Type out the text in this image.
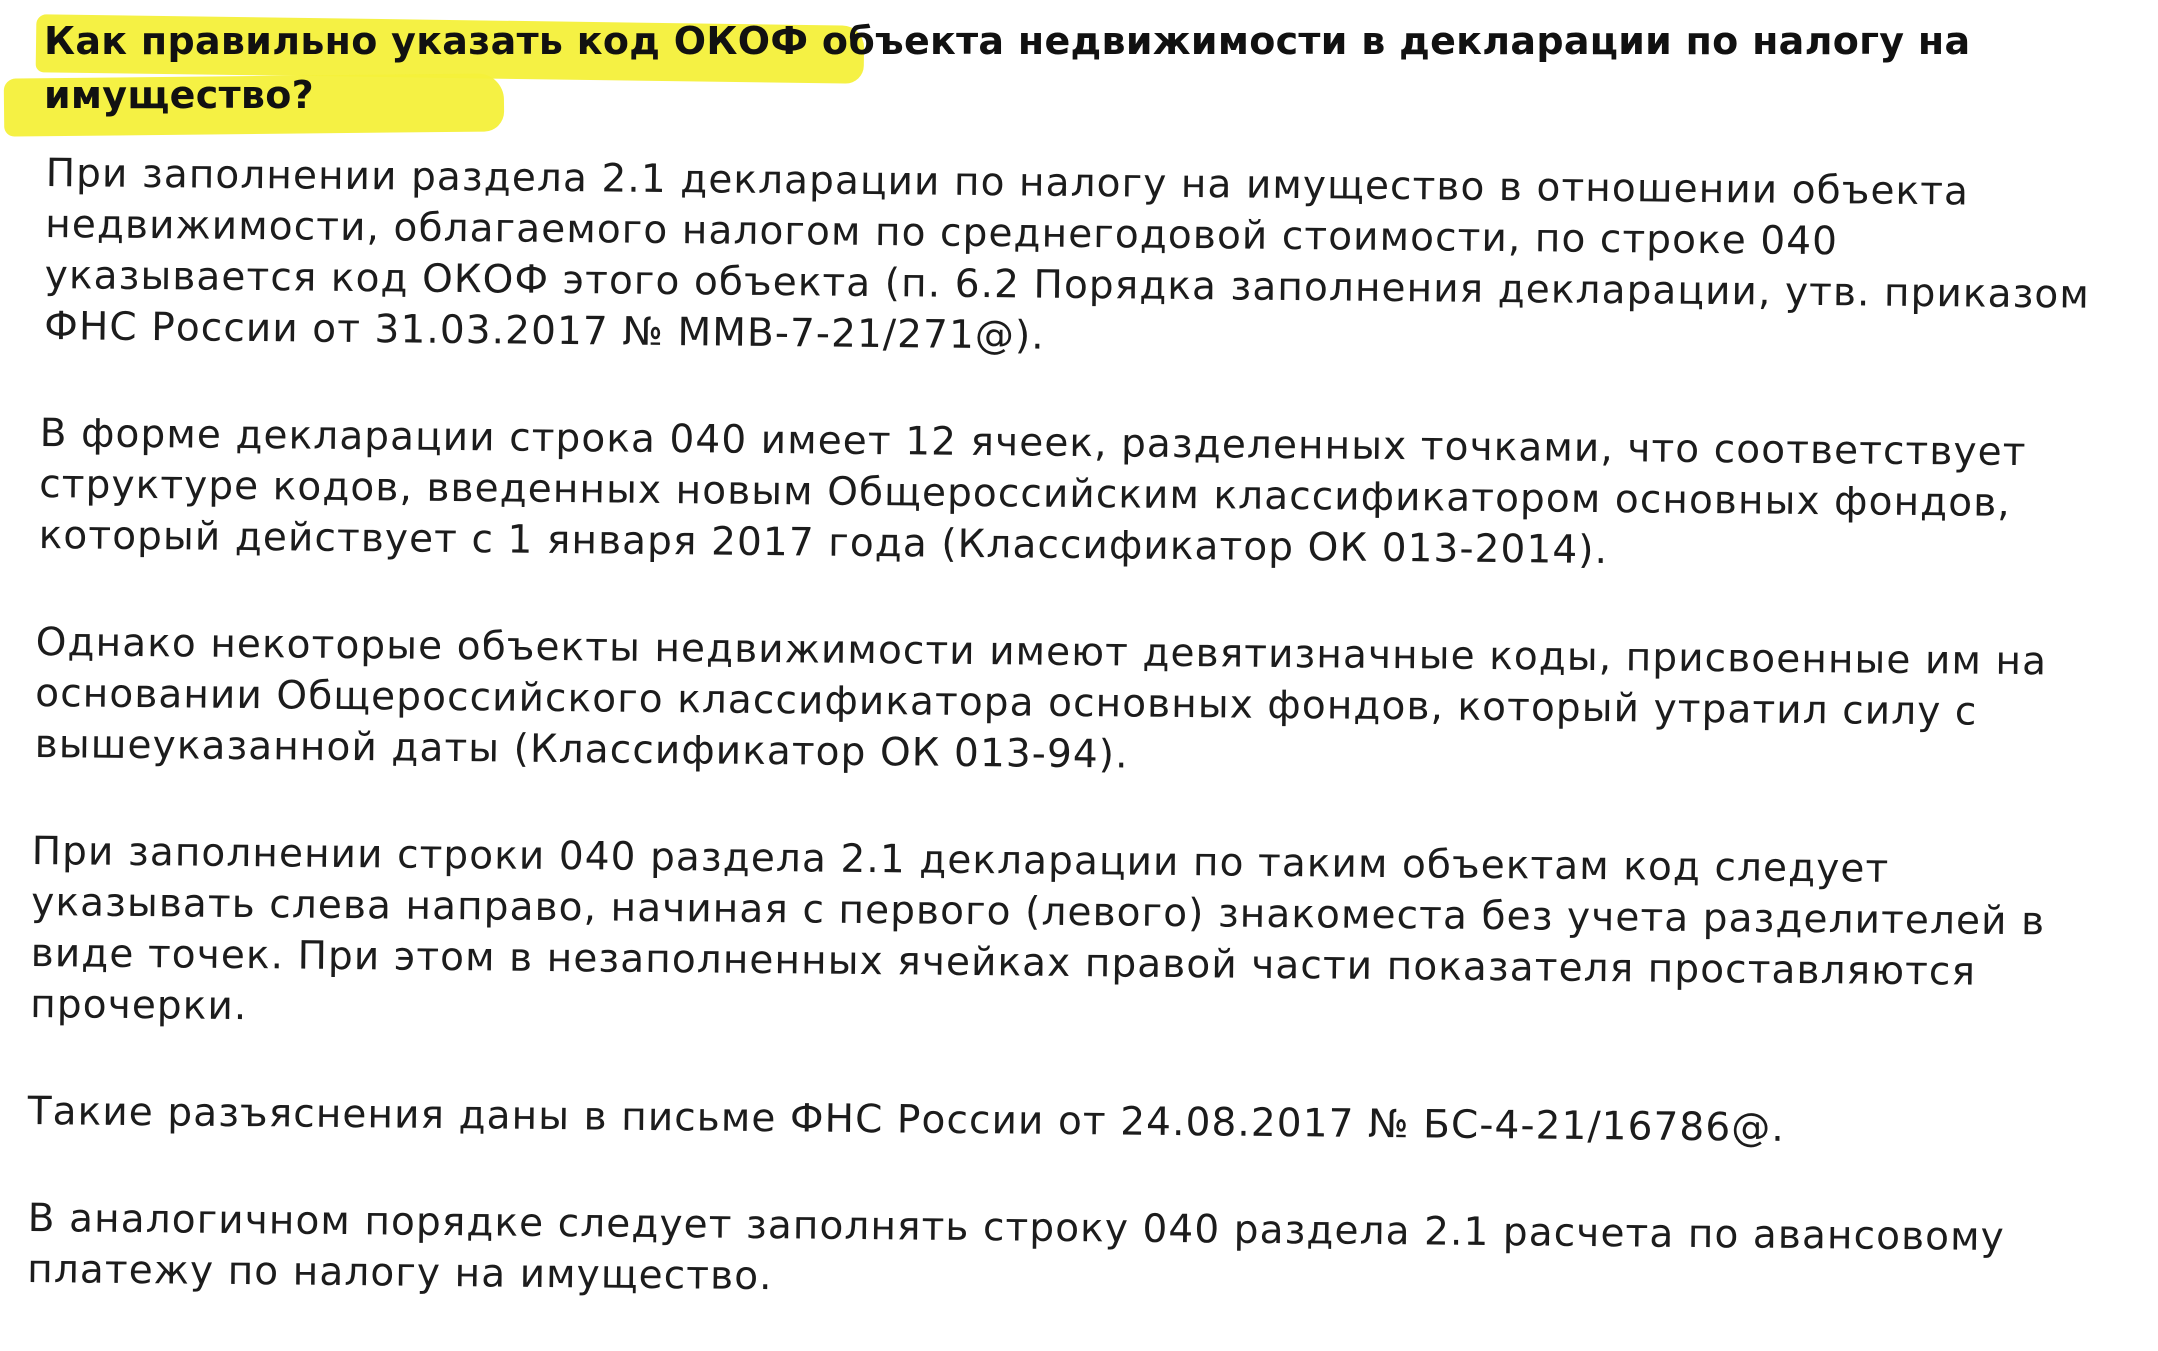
Как правильно указать код ОКОФ объекта недвижимости в декларации по налогу на имущество?

При заполнении раздела 2.1 декларации по налогу на имущество в отношении объекта недвижимости, облагаемого налогом по среднегодовой стоимости, по строке 040 указывается код ОКОФ этого объекта (п. 6.2 Порядка заполнения декларации, утв. приказом ФНС России от 31.03.2017 № ММВ-7-21/271@).

В форме декларации строка 040 имеет 12 ячеек, разделенных точками, что соответствует структуре кодов, введенных новым Общероссийским классификатором основных фондов, который действует с 1 января 2017 года (Классификатор ОК 013-2014).

Однако некоторые объекты недвижимости имеют девятизначные коды, присвоенные им на основании Общероссийского классификатора основных фондов, который утратил силу с вышеуказанной даты (Классификатор ОК 013-94).

При заполнении строки 040 раздела 2.1 декларации по таким объектам код следует указывать слева направо, начиная с первого (левого) знакоместа без учета разделителей в виде точек. При этом в незаполненных ячейках правой части показателя проставляются прочерки.

Такие разъяснения даны в письме ФНС России от 24.08.2017 № БС-4-21/16786@.

В аналогичном порядке следует заполнять строку 040 раздела 2.1 расчета по авансовому платежу по налогу на имущество.
